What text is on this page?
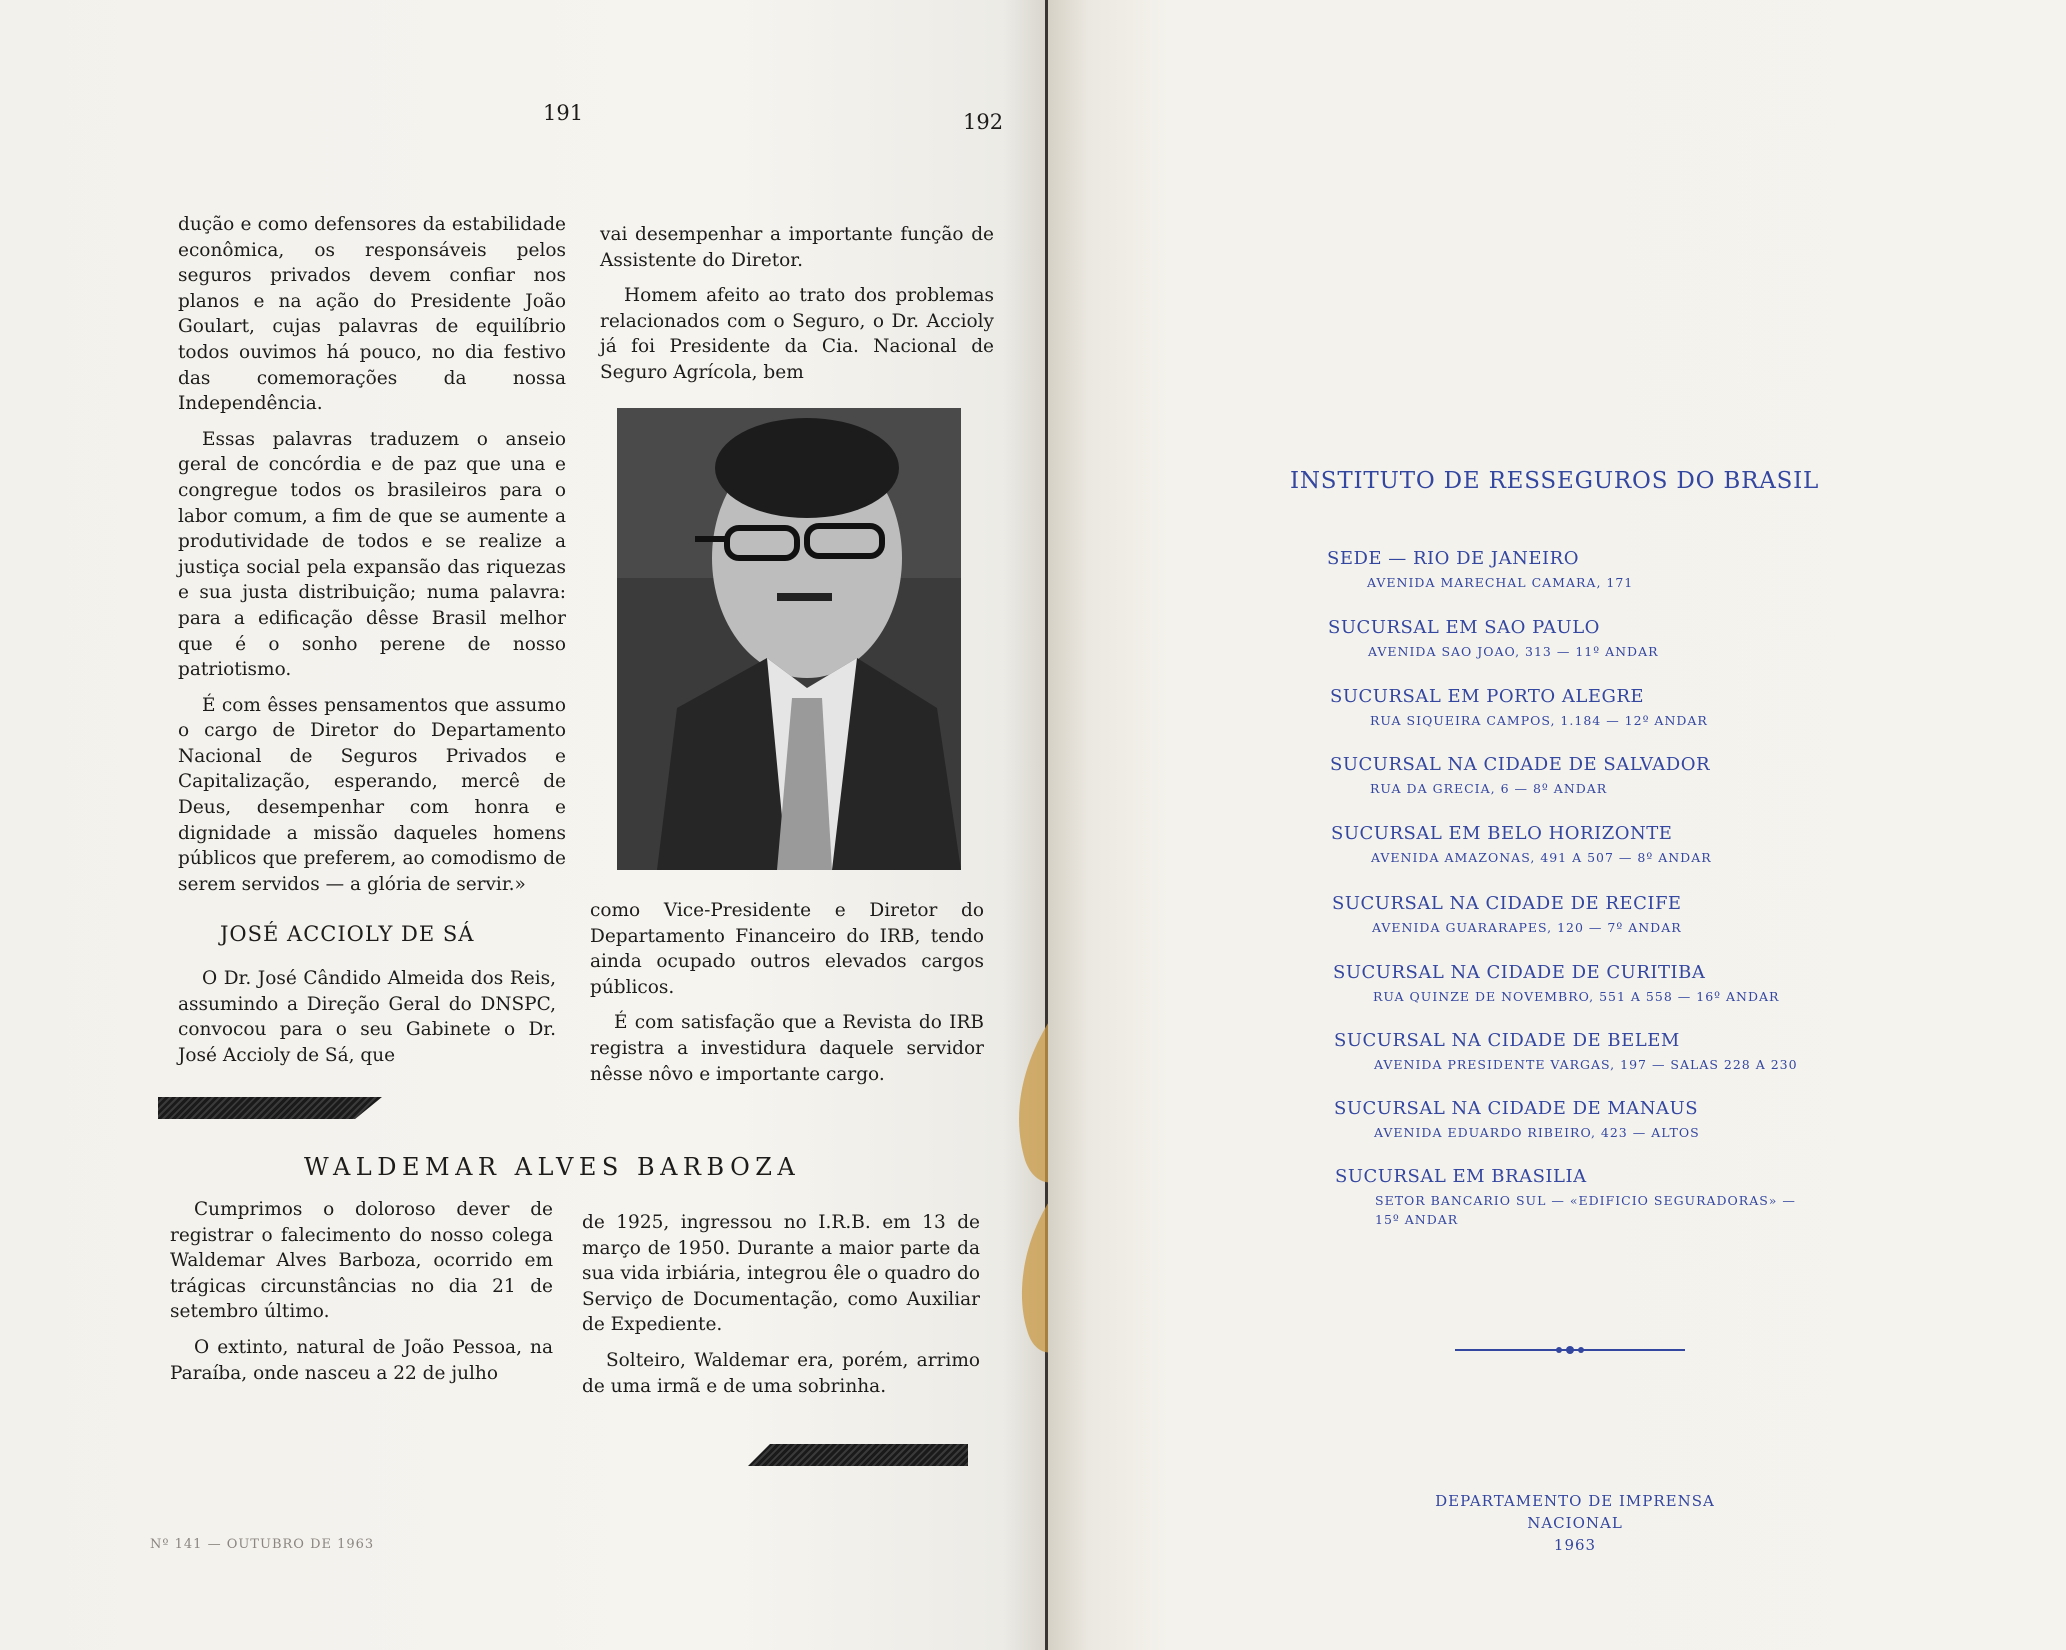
191	192

dução e como defensores da estabilidade econômica, os responsáveis pelos seguros privados devem confiar nos planos e na ação do Presidente João Goulart, cujas palavras de equilíbrio todos ouvimos há pouco, no dia festivo das comemorações da nossa Independência.

Essas palavras traduzem o anseio geral de concórdia e de paz que una e congregue todos os brasileiros para o labor comum, a fim de que se aumente a produtividade de todos e se realize a justiça social pela expansão das riquezas e sua justa distribuição; numa palavra: para a edificação dêsse Brasil melhor que é o sonho perene de nosso patriotismo.

É com êsses pensamentos que assumo o cargo de Diretor do Departamento Nacional de Seguros Privados e Capitalização, esperando, mercê de Deus, desempenhar com honra e dignidade a missão daqueles homens públicos que preferem, ao comodismo de serem servidos — a glória de servir.»

JOSÉ ACCIOLY DE SÁ

O Dr. José Cândido Almeida dos Reis, assumindo a Direção Geral do DNSPC, convocou para o seu Gabinete o Dr. José Accioly de Sá, que

vai desempenhar a importante função de Assistente do Diretor.

Homem afeito ao trato dos problemas relacionados com o Seguro, o Dr. Accioly já foi Presidente da Cia. Nacional de Seguro Agrícola, bem

como Vice-Presidente e Diretor do Departamento Financeiro do IRB, tendo ainda ocupado outros elevados cargos públicos.

É com satisfação que a Revista do IRB registra a investidura daquele servidor nêsse nôvo e importante cargo.

WALDEMAR ALVES BARBOZA

Cumprimos o doloroso dever de registrar o falecimento do nosso colega Waldemar Alves Barboza, ocorrido em trágicas circunstâncias no dia 21 de setembro último.

O extinto, natural de João Pessoa, na Paraíba, onde nasceu a 22 de julho

de 1925, ingressou no I.R.B. em 13 de março de 1950. Durante a maior parte da sua vida irbiária, integrou êle o quadro do Serviço de Documentação, como Auxiliar de Expediente.

Solteiro, Waldemar era, porém, arrimo de uma irmã e de uma sobrinha.

Nº 141 — OUTUBRO DE 1963
INSTITUTO DE RESSEGUROS DO BRASIL
SEDE — RIO DE JANEIRO
AVENIDA MARECHAL CAMARA, 171
SUCURSAL EM SAO PAULO
AVENIDA SAO JOAO, 313 — 11º ANDAR
SUCURSAL EM PORTO ALEGRE
RUA SIQUEIRA CAMPOS, 1.184 — 12º ANDAR
SUCURSAL NA CIDADE DE SALVADOR
RUA DA GRECIA, 6 — 8º ANDAR
SUCURSAL EM BELO HORIZONTE
AVENIDA AMAZONAS, 491 A 507 — 8º ANDAR
SUCURSAL NA CIDADE DE RECIFE
AVENIDA GUARARAPES, 120 — 7º ANDAR
SUCURSAL NA CIDADE DE CURITIBA
RUA QUINZE DE NOVEMBRO, 551 A 558 — 16º ANDAR
SUCURSAL NA CIDADE DE BELEM
AVENIDA PRESIDENTE VARGAS, 197 — SALAS 228 A 230
SUCURSAL NA CIDADE DE MANAUS
AVENIDA EDUARDO RIBEIRO, 423 — ALTOS
SUCURSAL EM BRASILIA
SETOR BANCARIO SUL — «EDIFICIO SEGURADORAS» —
15º ANDAR
DEPARTAMENTO DE IMPRENSA NACIONAL
1963
